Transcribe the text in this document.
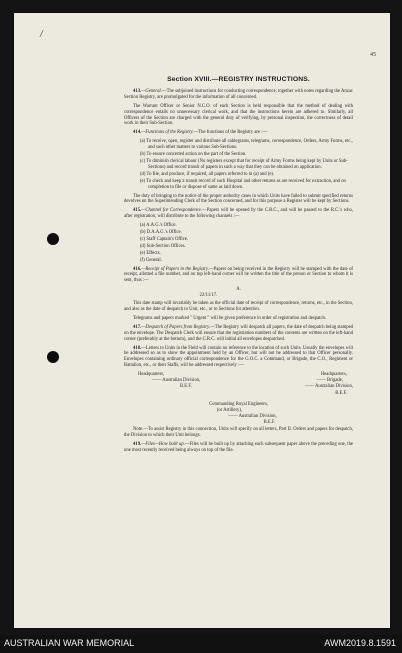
/
45
Section XVIII.—REGISTRY INSTRUCTIONS.

413.—General.—The subjoined instructions for conducting correspondence, together with notes regarding the Anzac Section Registry, are promulgated for the information of all concerned.

The Warrant Officer or Senior N.C.O. of each Section is held responsible that the method of dealing with correspondence entails no unnecessary clerical work, and that the instructions herein are adhered to. Similarly, all Officers of the Section are charged with the general duty of verifying, by personal inspection, the correctness of detail work in their Sub-Section.

414.—Functions of the Registry.—The functions of the Registry are :—

(a) To receive, open, register and distribute all cablegrams, telegrams, correspondence, Orders, Army Forms, etc., and such other matters to various Sub-Sections.
(b) To ensure concerted action on the part of the Section.
(c) To diminish clerical labour (No registers except that for receipt of Army Forms being kept by Units or Sub-Sections) and record transit of papers in such a way that they can be obtained on application.
(d) To file, and produce, if required, all papers referred to in (a) and (e).
(e) To check and keep a transit record of such Hospital and other returns as are received for extraction, and on completion to file or dispose of same as laid down.

The duty of bringing to the notice of the proper authority cases in which Units have failed to submit specified returns devolves on the Superintending Clerk of the Section concerned, and for this purpose a Register will be kept by Sections.

415.—Channel for Correspondence.—Papers will be opened by the C.R.C., and will be passed to the R.C.'s who, after registration, will distribute to the following channels :—

(a) A.A.G.'s Office.
(b) D.A.A.G.'s Office.
(c) Staff Captain's Office.
(d) Sub-Section Offices.
(e) Effects.
(f) General.

416.—Receipt of Papers in the Registry.—Papers on being received in the Registry will be stamped with the date of receipt, allotted a file number, and on top left-hand corner will be written the title of the person or Section to whom it is sent, thus :—

A.
22/11/17.

This date stamp will invariably be taken as the official date of receipt of correspondence, returns, etc., in the Section, and also as the date of despatch to Unit, etc., or to Sections for attention.

Telegrams and papers marked " Urgent " will be given preference in order of registration and despatch.

417.—Despatch of Papers from Registry.—The Registry will despatch all papers, the date of despatch being stamped on the envelope. The Despatch Clerk will ensure that the registration numbers of the contents are written on the left-hand corner (preferably at the bottom), and the C.R.C. will initial all envelopes despatched.

418.—Letters to Units in the Field will contain no reference to the location of such Units. Usually the envelopes will be addressed so as to show the appointment held by an Officer, but will not be addressed to that Officer personally. Envelopes containing ordinary official correspondence for the G.O.C. a Command, or Brigade, the C.O., Regiment or Battalion, etc., or their Staffs, will be addressed respectively :—

Headquarters,	Headquarters,
—— Australian Division,	—— Brigade,
B.E.F.	—— Australian Division,
B.E.F.
Commanding Royal Engineers,
(or Artillery),
—— Australian Division,
B.E.F.

Note.—To assist Registry in this connection, Units will specify on all letters, Part II. Orders and papers for despatch, the Division to which their Unit belongs.

419.—Files—How built up.—Files will be built up by attaching each subsequent paper above the preceding one, the one most recently received being always on top of the file.

AUSTRALIAN WAR MEMORIAL	AWM2019.8.1591
